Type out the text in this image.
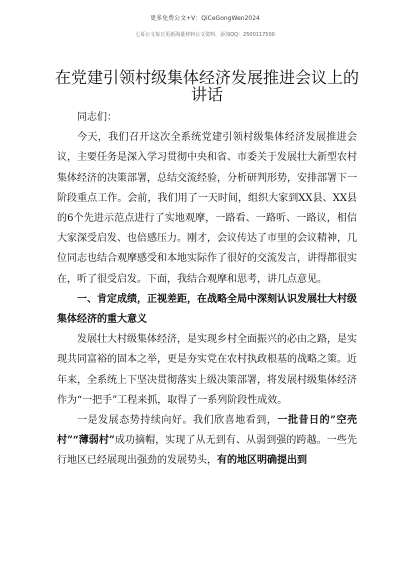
更多免费公文+V：QiCeGongWen2024
七哥公文每日更新海量材料公文资料，添加QQ：2500117500
在党建引领村级集体经济发展推进会议上的讲话

同志们：

今天，我们召开这次全系统党建引领村级集体经济发展推进会议，主要任务是深入学习贯彻中央和省、市委关于发展壮大新型农村集体经济的决策部署，总结交流经验，分析研判形势，安排部署下一阶段重点工作。会前，我们用了一天时间，组织大家到XX县、XX县的6个先进示范点进行了实地观摩，一路看、一路听、一路议，相信大家深受启发、也倍感压力。刚才，会议传达了市里的会议精神，几位同志也结合观摩感受和本地实际作了很好的交流发言，讲得都很实在，听了很受启发。下面，我结合观摩和思考，讲几点意见。

一、肯定成绩，正视差距，在战略全局中深刻认识发展壮大村级集体经济的重大意义

发展壮大村级集体经济，是实现乡村全面振兴的必由之路，是实现共同富裕的固本之举，更是夯实党在农村执政根基的战略之策。近年来，全系统上下坚决贯彻落实上级决策部署，将发展村级集体经济作为“一把手”工程来抓，取得了一系列阶段性成效。

一是发展态势持续向好。我们欣喜地看到，一批昔日的”空壳村”“薄弱村”成功摘帽，实现了从无到有、从弱到强的跨越。一些先行地区已经展现出强劲的发展势头，有的地区明确提出到
